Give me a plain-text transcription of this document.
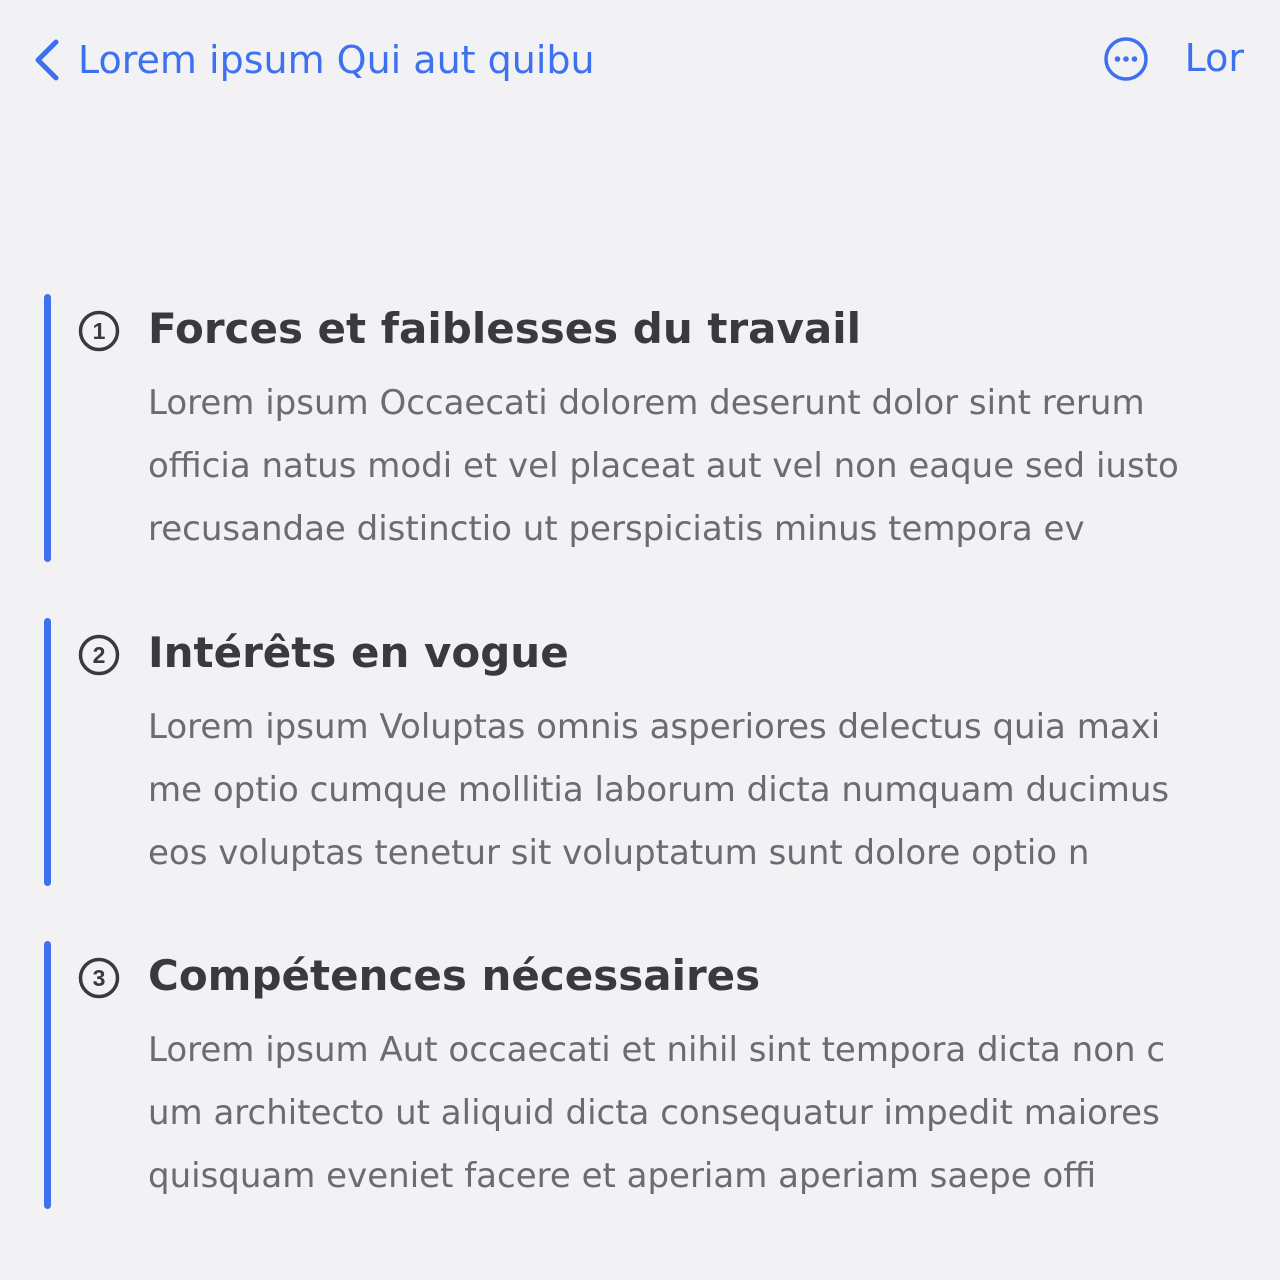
Lorem ipsum Qui aut quibu	Lor
1 Forces et faiblesses du travail

Lorem ipsum Occaecati dolorem deserunt dolor sint rerum
officia natus modi et vel placeat aut vel non eaque sed iusto
recusandae distinctio ut perspiciatis minus tempora ev

2 Intérêts en vogue

Lorem ipsum Voluptas omnis asperiores delectus quia maxi
me optio cumque mollitia laborum dicta numquam ducimus
eos voluptas tenetur sit voluptatum sunt dolore optio n

3 Compétences nécessaires

Lorem ipsum Aut occaecati et nihil sint tempora dicta non c
um architecto ut aliquid dicta consequatur impedit maiores
quisquam eveniet facere et aperiam aperiam saepe offi
